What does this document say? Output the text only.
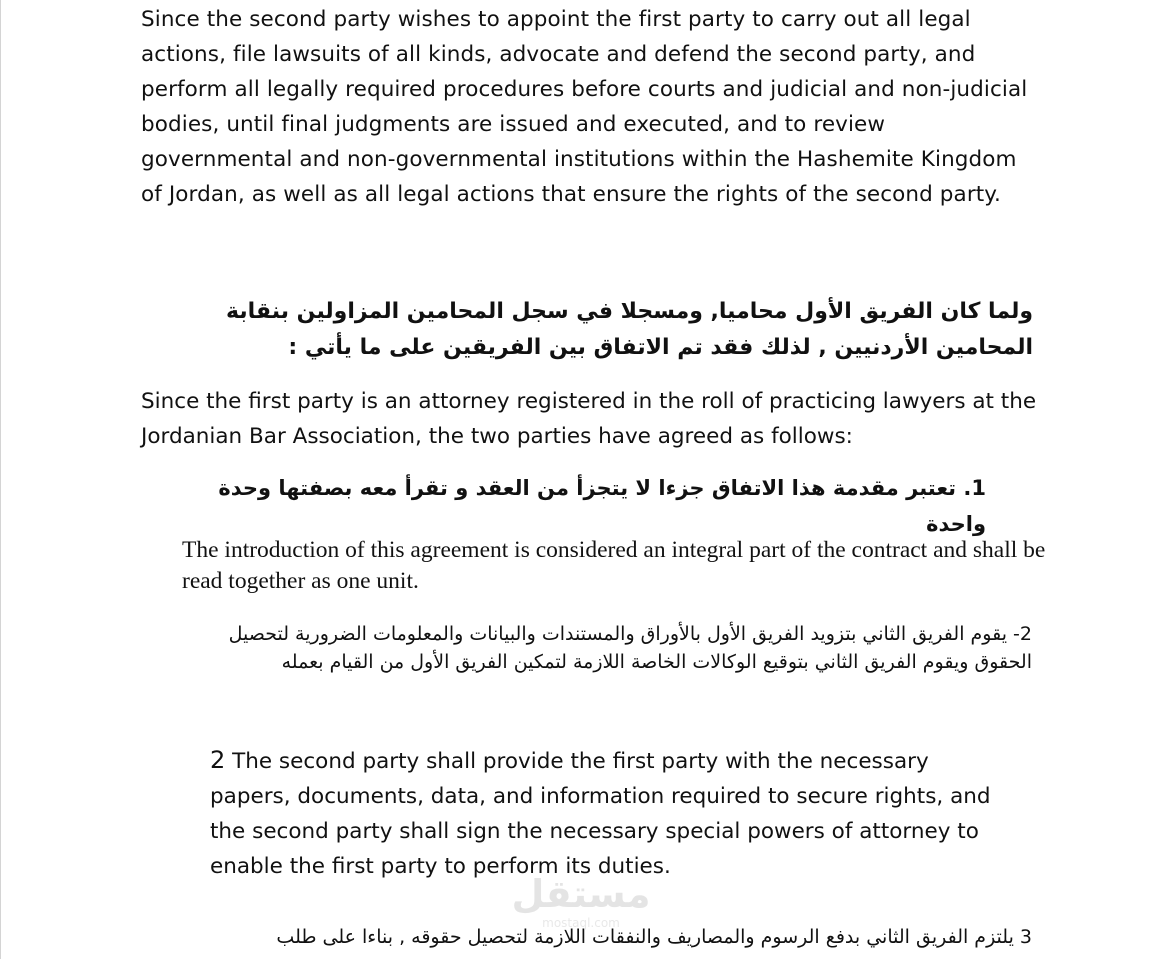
Since the second party wishes to appoint the first party to carry out all legal actions, file lawsuits of all kinds, advocate and defend the second party, and perform all legally required procedures before courts and judicial and non-judicial bodies, until final judgments are issued and executed, and to review governmental and non-governmental institutions within the Hashemite Kingdom of Jordan, as well as all legal actions that ensure the rights of the second party.

ولما كان الفريق الأول محاميا, ومسجلا في سجل المحامين المزاولين بنقابة المحامين الأردنيين , لذلك فقد تم الاتفاق بين الفريقين على ما يأتي :

Since the first party is an attorney registered in the roll of practicing lawyers at the Jordanian Bar Association, the two parties have agreed as follows:

1. تعتبر مقدمة هذا الاتفاق جزءا لا يتجزأ من العقد و تقرأ معه بصفتها وحدة واحدة

The introduction of this agreement is considered an integral part of the contract and shall be read together as one unit.

2- يقوم الفريق الثاني بتزويد الفريق الأول بالأوراق والمستندات والبيانات والمعلومات الضرورية لتحصيل الحقوق ويقوم الفريق الثاني بتوقيع الوكالات الخاصة اللازمة لتمكين الفريق الأول من القيام بعمله

2 The second party shall provide the first party with the necessary papers, documents, data, and information required to secure rights, and the second party shall sign the necessary special powers of attorney to enable the first party to perform its duties.

مستقل
mostaql.com

3 يلتزم الفريق الثاني بدفع الرسوم والمصاريف والنفقات اللازمة لتحصيل حقوقه , بناءا على طلب
